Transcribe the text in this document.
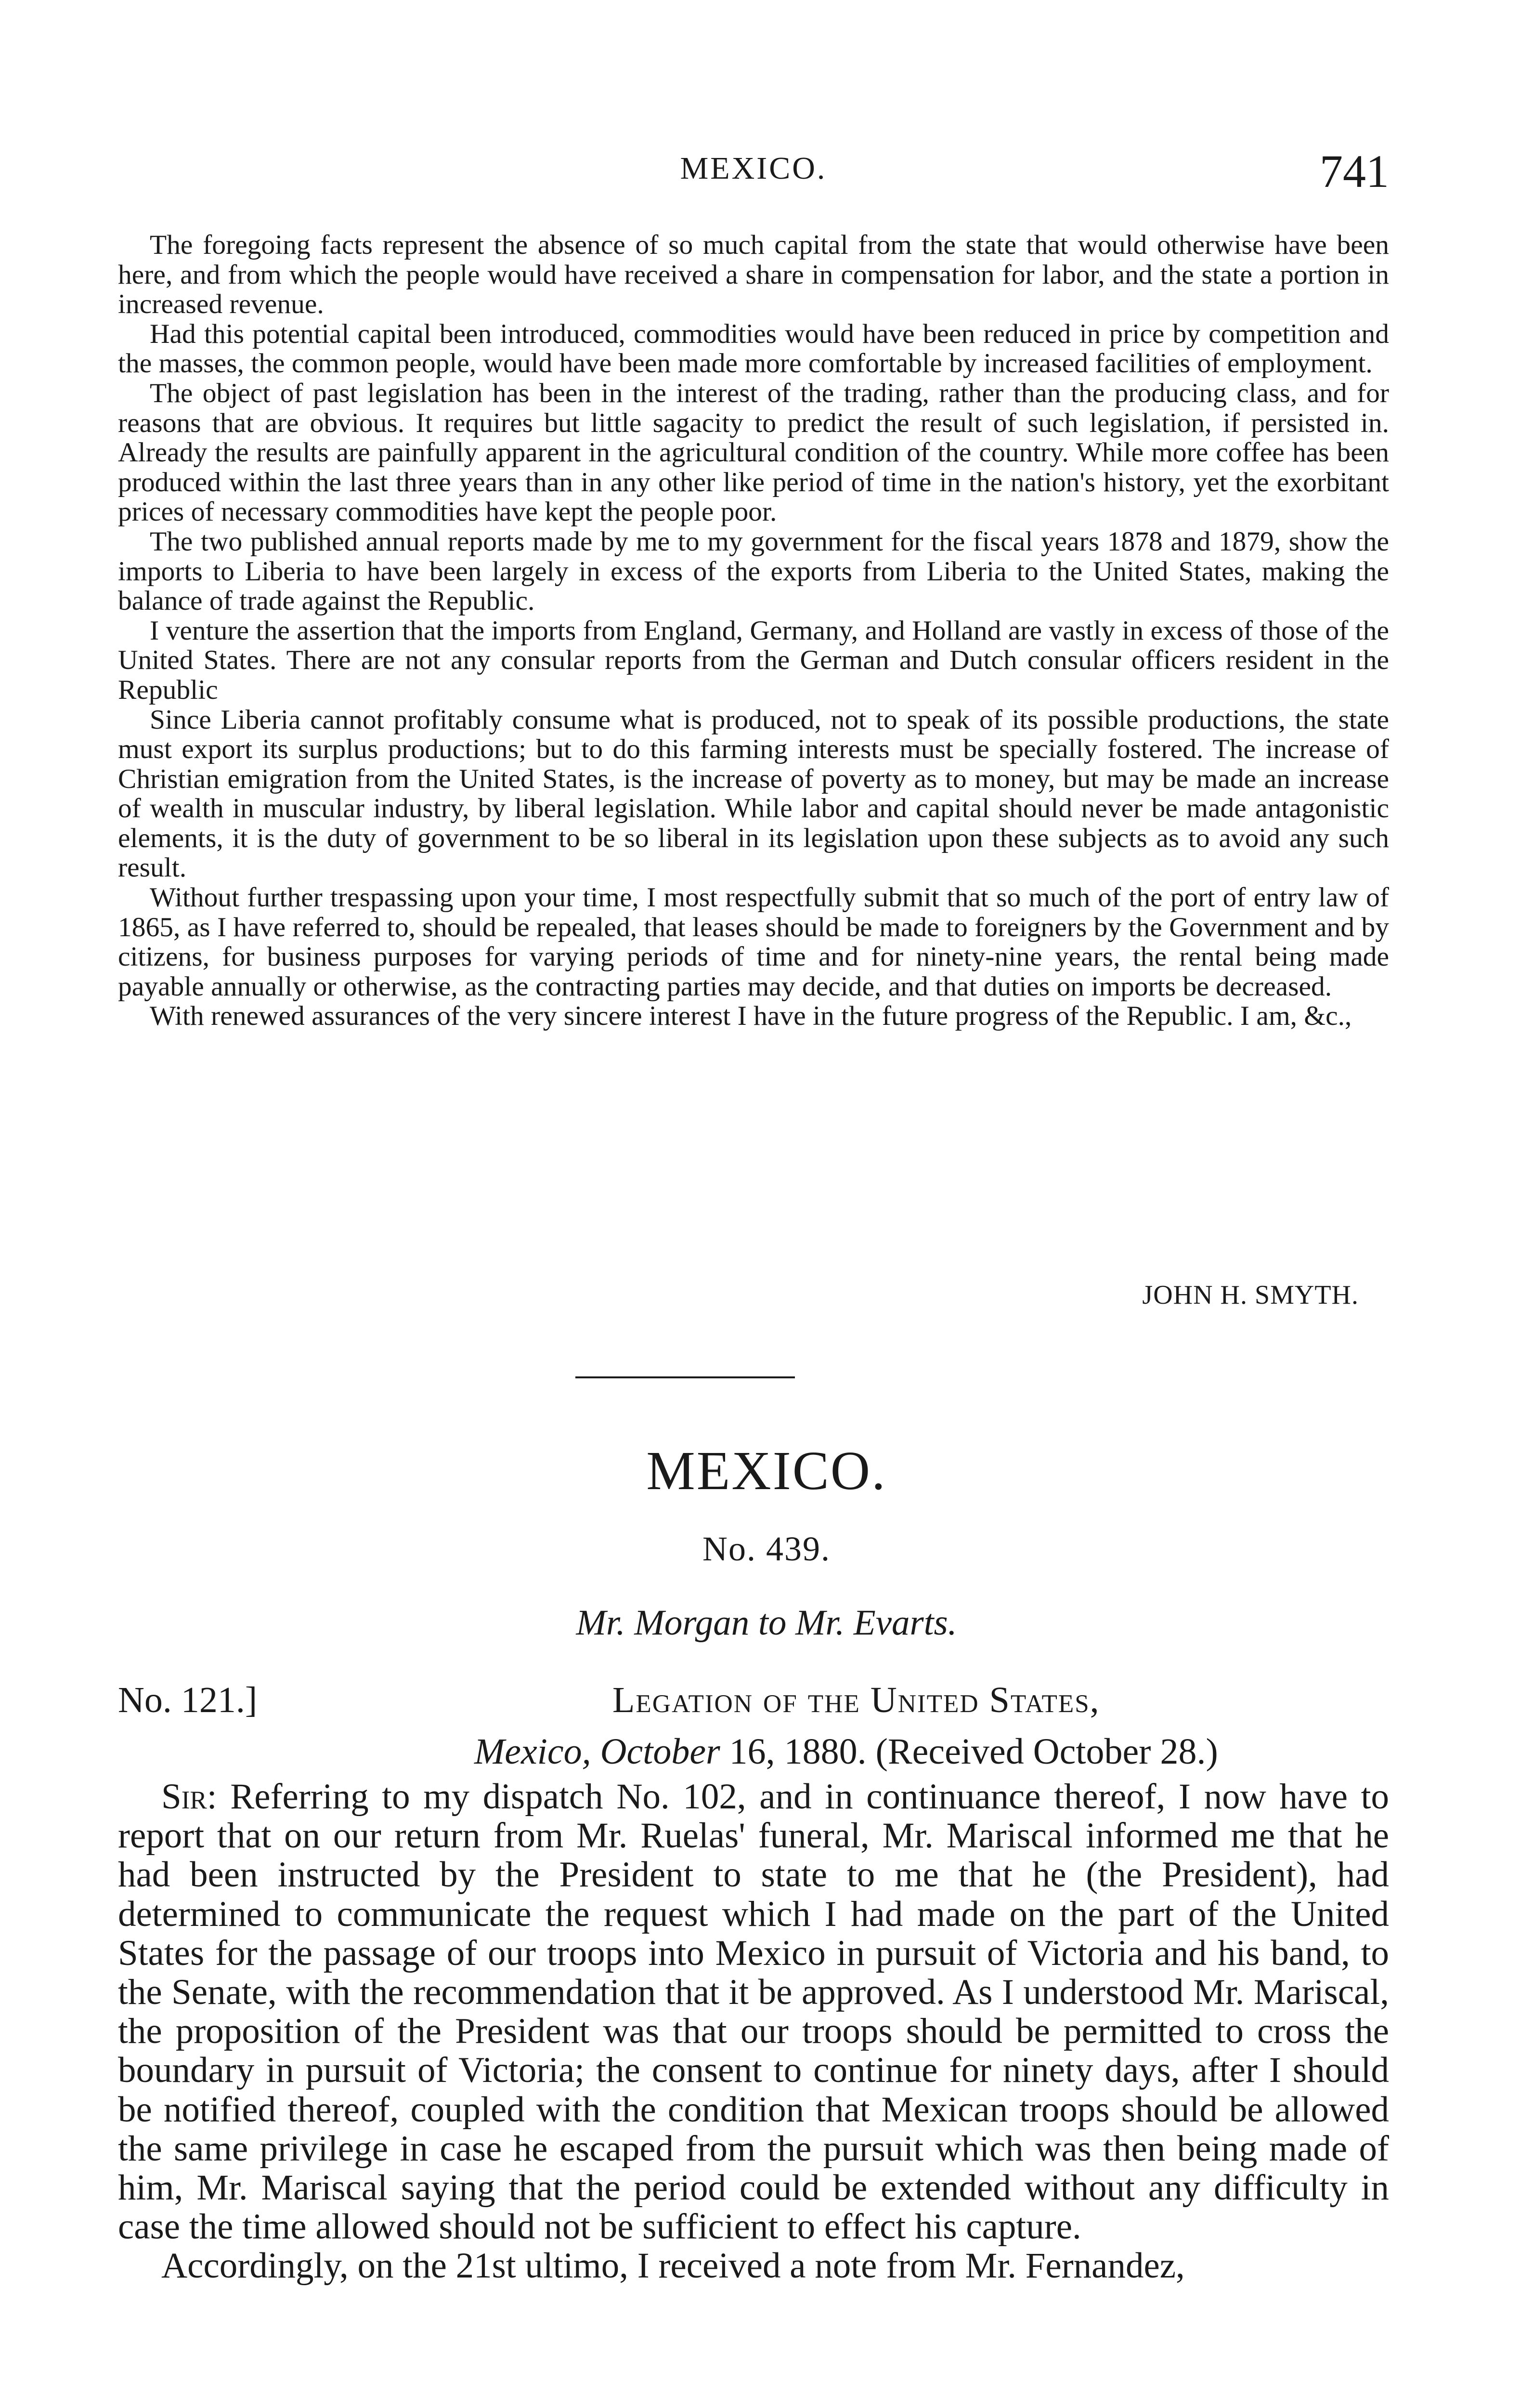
MEXICO.	741

The foregoing facts represent the absence of so much capital from the state that would otherwise have been here, and from which the people would have received a share in compensation for labor, and the state a portion in increased revenue.

Had this potential capital been introduced, commodities would have been reduced in price by competition and the masses, the common people, would have been made more comfortable by increased facilities of employment.

The object of past legislation has been in the interest of the trading, rather than the producing class, and for reasons that are obvious. It requires but little sagacity to predict the result of such legislation, if persisted in. Already the results are painfully apparent in the agricultural condition of the country. While more coffee has been produced within the last three years than in any other like period of time in the nation's history, yet the exorbitant prices of necessary commodities have kept the people poor.

The two published annual reports made by me to my government for the fiscal years 1878 and 1879, show the imports to Liberia to have been largely in excess of the exports from Liberia to the United States, making the balance of trade against the Republic.

I venture the assertion that the imports from England, Germany, and Holland are vastly in excess of those of the United States. There are not any consular reports from the German and Dutch consular officers resident in the Republic

Since Liberia cannot profitably consume what is produced, not to speak of its possible productions, the state must export its surplus productions; but to do this farming interests must be specially fostered. The increase of Christian emigration from the United States, is the increase of poverty as to money, but may be made an increase of wealth in muscular industry, by liberal legislation. While labor and capital should never be made antagonistic elements, it is the duty of government to be so liberal in its legislation upon these subjects as to avoid any such result.

Without further trespassing upon your time, I most respectfully submit that so much of the port of entry law of 1865, as I have referred to, should be repealed, that leases should be made to foreigners by the Government and by citizens, for business purposes for varying periods of time and for ninety-nine years, the rental being made payable annually or otherwise, as the contracting parties may decide, and that duties on imports be decreased.

With renewed assurances of the very sincere interest I have in the future progress of the Republic. I am, &c.,

JOHN H. SMYTH.
MEXICO.
No. 439.
Mr. Morgan to Mr. Evarts.
No. 121.]	Legation of the United States,
Mexico, October 16, 1880. (Received October 28.)

Sir: Referring to my dispatch No. 102, and in continuance thereof, I now have to report that on our return from Mr. Ruelas' funeral, Mr. Mariscal informed me that he had been instructed by the President to state to me that he (the President), had determined to communicate the request which I had made on the part of the United States for the passage of our troops into Mexico in pursuit of Victoria and his band, to the Senate, with the recommendation that it be approved. As I understood Mr. Mariscal, the proposition of the President was that our troops should be permitted to cross the boundary in pursuit of Victoria; the consent to continue for ninety days, after I should be notified thereof, coupled with the condition that Mexican troops should be allowed the same privilege in case he escaped from the pursuit which was then being made of him, Mr. Mariscal saying that the period could be extended without any difficulty in case the time allowed should not be sufficient to effect his capture.

Accordingly, on the 21st ultimo, I received a note from Mr. Fernandez,
